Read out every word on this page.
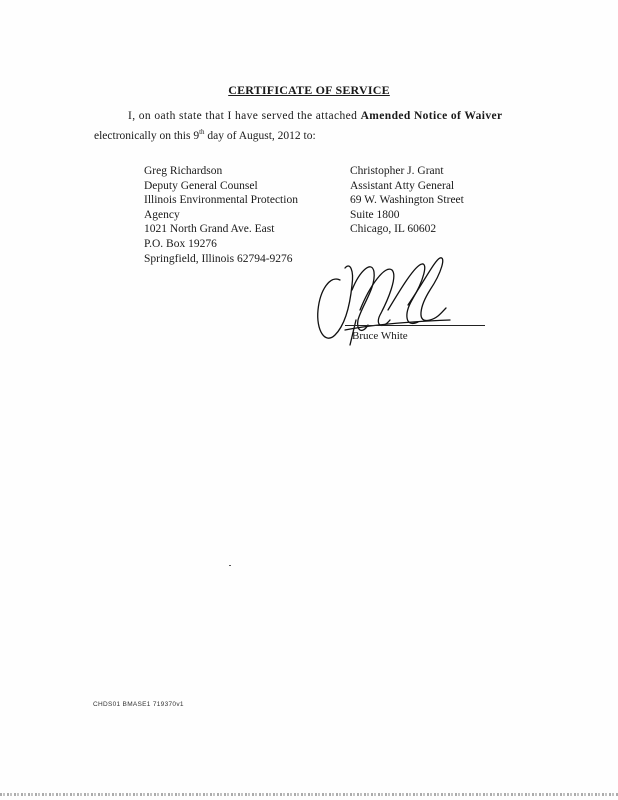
CERTIFICATE OF SERVICE
I, on oath state that I have served the attached Amended Notice of Waiver
electronically on this 9th day of August, 2012 to:
Greg Richardson
Deputy General Counsel
Illinois Environmental Protection
Agency
1021 North Grand Ave. East
P.O. Box 19276
Springfield, Illinois 62794-9276
Christopher J. Grant
Assistant Atty General
69 W. Washington Street
Suite 1800
Chicago, IL 60602
Bruce White
CHDS01 BMASE1 719370v1
